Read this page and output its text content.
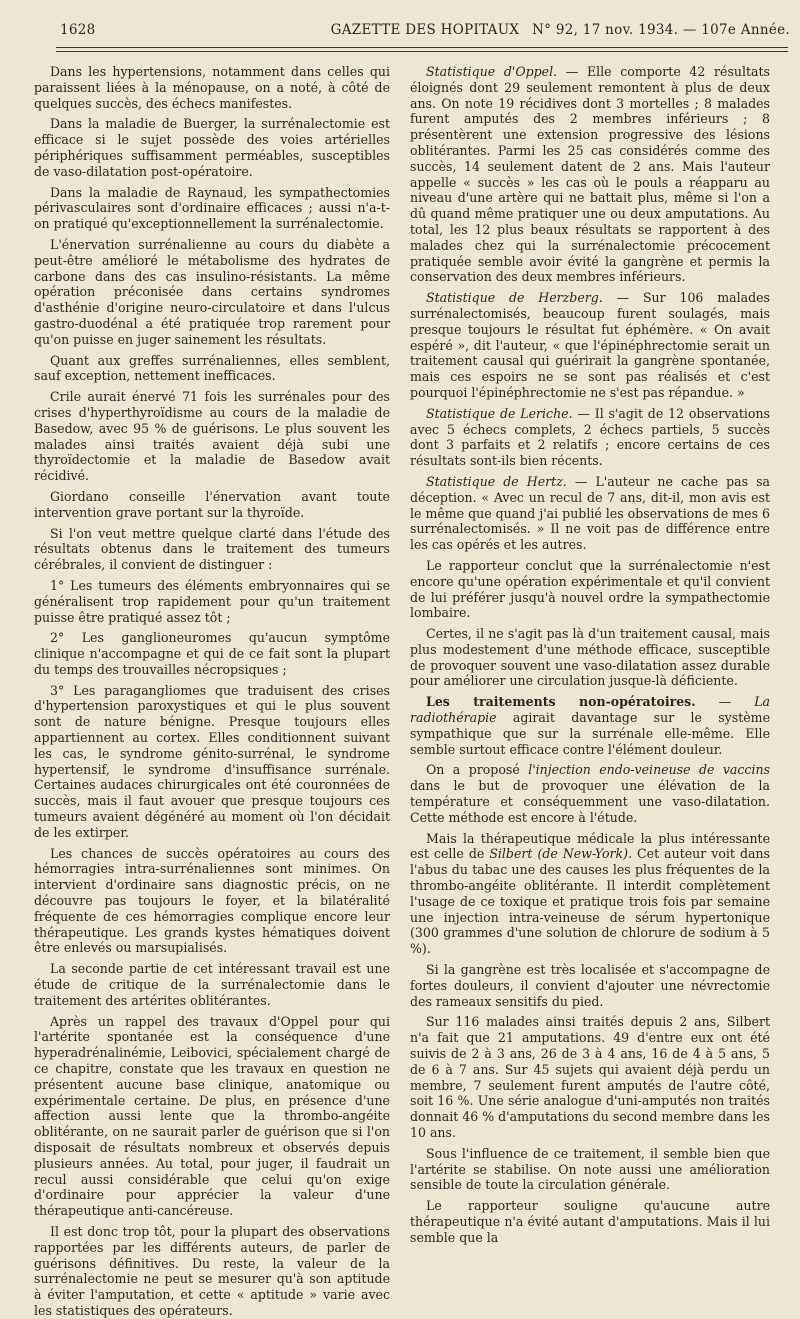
1628	GAZETTE DES HOPITAUX N° 92, 17 nov. 1934. — 107e Année.

Dans les hypertensions, notamment dans celles qui paraissent liées à la ménopause, on a noté, à côté de quelques succès, des échecs manifestes.

Dans la maladie de Buerger, la surrénalectomie est efficace si le sujet possède des voies artérielles périphériques suffisamment perméables, susceptibles de vaso-dilatation post-opératoire.

Dans la maladie de Raynaud, les sympathectomies périvasculaires sont d'ordinaire efficaces ; aussi n'a-t-on pratiqué qu'exceptionnellement la surrénalectomie.

L'énervation surrénalienne au cours du diabète a peut-être amélioré le métabolisme des hydrates de carbone dans des cas insulino-résistants. La même opération préconisée dans certains syndromes d'asthénie d'origine neuro-circulatoire et dans l'ulcus gastro-duodénal a été pratiquée trop rarement pour qu'on puisse en juger sainement les résultats.

Quant aux greffes surrénaliennes, elles semblent, sauf exception, nettement inefficaces.

Crile aurait énervé 71 fois les surrénales pour des crises d'hyperthyroïdisme au cours de la maladie de Basedow, avec 95 % de guérisons. Le plus souvent les malades ainsi traités avaient déjà subi une thyroïdectomie et la maladie de Basedow avait récidivé.

Giordano conseille l'énervation avant toute intervention grave portant sur la thyroïde.

Si l'on veut mettre quelque clarté dans l'étude des résultats obtenus dans le traitement des tumeurs cérébrales, il convient de distinguer :

1° Les tumeurs des éléments embryonnaires qui se généralisent trop rapidement pour qu'un traitement puisse être pratiqué assez tôt ;

2° Les ganglioneuromes qu'aucun symptôme clinique n'accompagne et qui de ce fait sont la plupart du temps des trouvailles nécropsiques ;

3° Les paragangliomes que traduisent des crises d'hypertension paroxystiques et qui le plus souvent sont de nature bénigne. Presque toujours elles appartiennent au cortex. Elles conditionnent suivant les cas, le syndrome génito-surrénal, le syndrome hypertensif, le syndrome d'insuffisance surrénale. Certaines audaces chirurgicales ont été couronnées de succès, mais il faut avouer que presque toujours ces tumeurs avaient dégénéré au moment où l'on décidait de les extirper.

Les chances de succès opératoires au cours des hémorragies intra-surrénaliennes sont minimes. On intervient d'ordinaire sans diagnostic précis, on ne découvre pas toujours le foyer, et la bilatéralité fréquente de ces hémorragies complique encore leur thérapeutique. Les grands kystes hématiques doivent être enlevés ou marsupialisés.

La seconde partie de cet intéressant travail est une étude de critique de la surrénalectomie dans le traitement des artérites oblitérantes.

Après un rappel des travaux d'Oppel pour qui l'artérite spontanée est la conséquence d'une hyperadrénalinémie, Leibovici, spécialement chargé de ce chapitre, constate que les travaux en question ne présentent aucune base clinique, anatomique ou expérimentale certaine. De plus, en présence d'une affection aussi lente que la thrombo-angéite oblitérante, on ne saurait parler de guérison que si l'on disposait de résultats nombreux et observés depuis plusieurs années. Au total, pour juger, il faudrait un recul aussi considérable que celui qu'on exige d'ordinaire pour apprécier la valeur d'une thérapeutique anti-cancéreuse.

Il est donc trop tôt, pour la plupart des observations rapportées par les différents auteurs, de parler de guérisons définitives. Du reste, la valeur de la surrénalectomie ne peut se mesurer qu'à son aptitude à éviter l'amputation, et cette « aptitude » varie avec les statistiques des opérateurs.

Statistique d'Oppel. — Elle comporte 42 résultats éloignés dont 29 seulement remontent à plus de deux ans. On note 19 récidives dont 3 mortelles ; 8 malades furent amputés des 2 membres inférieurs ; 8 présentèrent une extension progressive des lésions oblitérantes. Parmi les 25 cas considérés comme des succès, 14 seulement datent de 2 ans. Mais l'auteur appelle « succès » les cas où le pouls a réapparu au niveau d'une artère qui ne battait plus, même si l'on a dû quand même pratiquer une ou deux amputations. Au total, les 12 plus beaux résultats se rapportent à des malades chez qui la surrénalectomie précocement pratiquée semble avoir évité la gangrène et permis la conservation des deux membres inférieurs.

Statistique de Herzberg. — Sur 106 malades surrénalectomisés, beaucoup furent soulagés, mais presque toujours le résultat fut éphémère. « On avait espéré », dit l'auteur, « que l'épinéphrectomie serait un traitement causal qui guérirait la gangrène spontanée, mais ces espoirs ne se sont pas réalisés et c'est pourquoi l'épinéphrectomie ne s'est pas répandue. »

Statistique de Leriche. — Il s'agit de 12 observations avec 5 échecs complets, 2 échecs partiels, 5 succès dont 3 parfaits et 2 relatifs ; encore certains de ces résultats sont-ils bien récents.

Statistique de Hertz. — L'auteur ne cache pas sa déception. « Avec un recul de 7 ans, dit-il, mon avis est le même que quand j'ai publié les observations de mes 6 surrénalectomisés. » Il ne voit pas de différence entre les cas opérés et les autres.

Le rapporteur conclut que la surrénalectomie n'est encore qu'une opération expérimentale et qu'il convient de lui préférer jusqu'à nouvel ordre la sympathectomie lombaire.

Certes, il ne s'agit pas là d'un traitement causal, mais plus modestement d'une méthode efficace, susceptible de provoquer souvent une vaso-dilatation assez durable pour améliorer une circulation jusque-là déficiente.

Les traitements non-opératoires. — La radiothérapie agirait davantage sur le système sympathique que sur la surrénale elle-même. Elle semble surtout efficace contre l'élément douleur.

On a proposé l'injection endo-veineuse de vaccins dans le but de provoquer une élévation de la température et conséquemment une vaso-dilatation. Cette méthode est encore à l'étude.

Mais la thérapeutique médicale la plus intéressante est celle de Silbert (de New-York). Cet auteur voit dans l'abus du tabac une des causes les plus fréquentes de la thrombo-angéite oblitérante. Il interdit complètement l'usage de ce toxique et pratique trois fois par semaine une injection intra-veineuse de sérum hypertonique (300 grammes d'une solution de chlorure de sodium à 5 %).

Si la gangrène est très localisée et s'accompagne de fortes douleurs, il convient d'ajouter une névrectomie des rameaux sensitifs du pied.

Sur 116 malades ainsi traités depuis 2 ans, Silbert n'a fait que 21 amputations. 49 d'entre eux ont été suivis de 2 à 3 ans, 26 de 3 à 4 ans, 16 de 4 à 5 ans, 5 de 6 à 7 ans. Sur 45 sujets qui avaient déjà perdu un membre, 7 seulement furent amputés de l'autre côté, soit 16 %. Une série analogue d'uni-amputés non traités donnait 46 % d'amputations du second membre dans les 10 ans.

Sous l'influence de ce traitement, il semble bien que l'artérite se stabilise. On note aussi une amélioration sensible de toute la circulation générale.

Le rapporteur souligne qu'aucune autre thérapeutique n'a évité autant d'amputations. Mais il lui semble que la
